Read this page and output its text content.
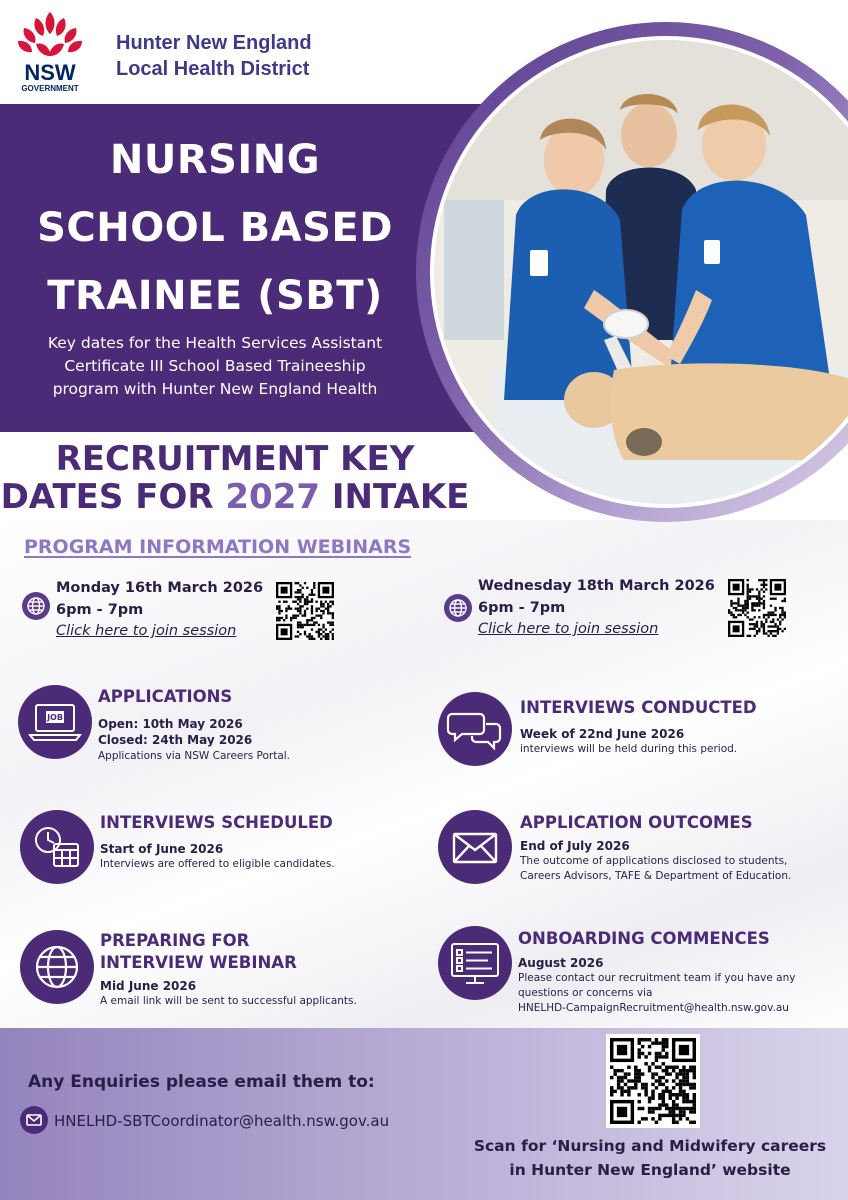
NSW
GOVERNMENT
Hunter New England
Local Health District
NURSING
SCHOOL BASED
TRAINEE (SBT)
Key dates for the Health Services Assistant
Certificate III School Based Traineeship
program with Hunter New England Health
RECRUITMENT KEY
DATES FOR 2027 INTAKE
PROGRAM INFORMATION WEBINARS
Monday 16th March 2026
6pm - 7pm
Click here to join session
Wednesday 18th March 2026
6pm - 7pm
Click here to join session
JOB
APPLICATIONS
Open: 10th May 2026
Closed: 24th May 2026
Applications via NSW Careers Portal.
INTERVIEWS CONDUCTED
Week of 22nd June 2026
interviews will be held during this period.
INTERVIEWS SCHEDULED
Start of June 2026
Interviews are offered to eligible candidates.
APPLICATION OUTCOMES
End of July 2026
The outcome of applications disclosed to students,
Careers Advisors, TAFE & Department of Education.
PREPARING FOR
INTERVIEW WEBINAR
Mid June 2026
A email link will be sent to successful applicants.
ONBOARDING COMMENCES
August 2026
Please contact our recruitment team if you have any
questions or concerns via
HNELHD-CampaignRecruitment@health.nsw.gov.au
Any Enquiries please email them to:
HNELHD-SBTCoordinator@health.nsw.gov.au
Scan for ‘Nursing and Midwifery careers
in Hunter New England’ website
